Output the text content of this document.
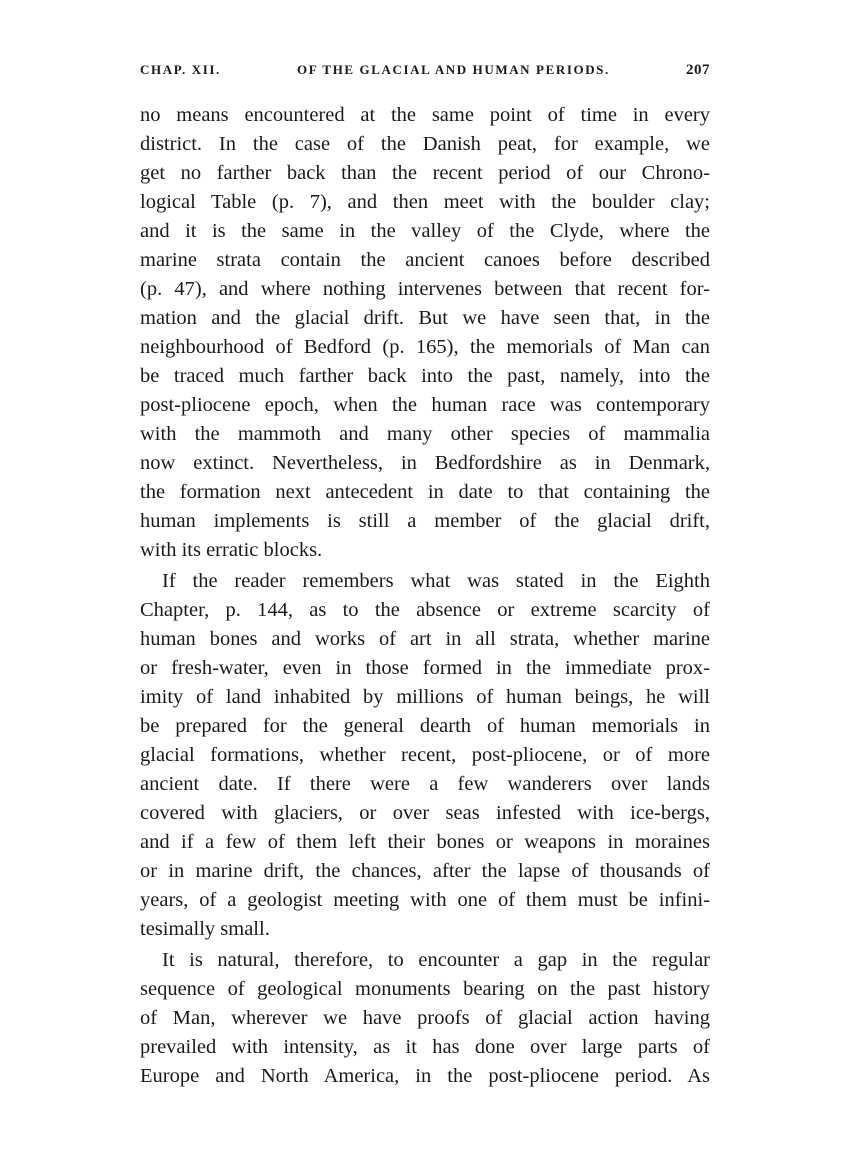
CHAP. XII.	OF THE GLACIAL AND HUMAN PERIODS.	207
no means encountered at the same point of time in every
district. In the case of the Danish peat, for example, we
get no farther back than the recent period of our Chrono-
logical Table (p. 7), and then meet with the boulder clay;
and it is the same in the valley of the Clyde, where the
marine strata contain the ancient canoes before described
(p. 47), and where nothing intervenes between that recent for-
mation and the glacial drift. But we have seen that, in the
neighbourhood of Bedford (p. 165), the memorials of Man can
be traced much farther back into the past, namely, into the
post-pliocene epoch, when the human race was contemporary
with the mammoth and many other species of mammalia
now extinct. Nevertheless, in Bedfordshire as in Denmark,
the formation next antecedent in date to that containing the
human implements is still a member of the glacial drift,
with its erratic blocks.
If the reader remembers what was stated in the Eighth
Chapter, p. 144, as to the absence or extreme scarcity of
human bones and works of art in all strata, whether marine
or fresh-water, even in those formed in the immediate prox-
imity of land inhabited by millions of human beings, he will
be prepared for the general dearth of human memorials in
glacial formations, whether recent, post-pliocene, or of more
ancient date. If there were a few wanderers over lands
covered with glaciers, or over seas infested with ice-bergs,
and if a few of them left their bones or weapons in moraines
or in marine drift, the chances, after the lapse of thousands of
years, of a geologist meeting with one of them must be infini-
tesimally small.
It is natural, therefore, to encounter a gap in the regular
sequence of geological monuments bearing on the past history
of Man, wherever we have proofs of glacial action having
prevailed with intensity, as it has done over large parts of
Europe and North America, in the post-pliocene period. As
